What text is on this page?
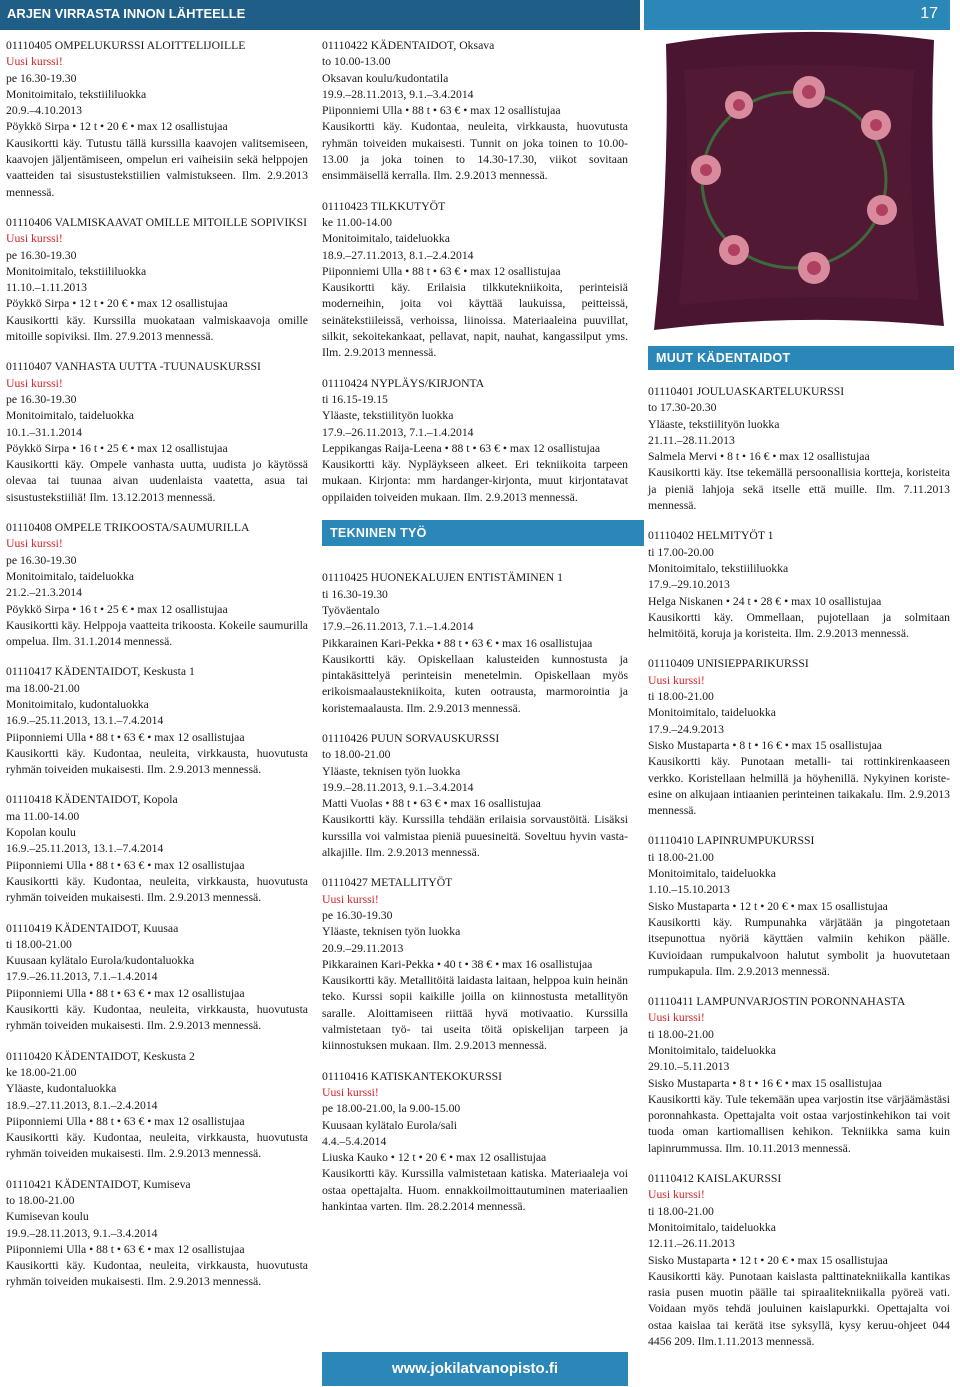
ARJEN VIRRASTA INNON LÄHTEELLE	17
01110405 OMPELUKURSSI ALOITTELIJOILLE
Uusi kurssi!
pe 16.30-19.30
Monitoimitalo, tekstiililuokka
20.9.–4.10.2013
Pöykkö Sirpa • 12 t • 20 € • max 12 osallistujaa
Kausikortti käy. Tutustu tällä kurssilla kaavojen valitsemiseen, kaavojen jäljentämiseen, ompelun eri vaiheisiin sekä helppojen vaatteiden tai sisustustekstiilien valmistukseen. Ilm. 2.9.2013 mennessä.
01110406 VALMISKAAVAT OMILLE MITOILLE SOPIVIKSI
Uusi kurssi!
pe 16.30-19.30
Monitoimitalo, tekstiililuokka
11.10.–1.11.2013
Pöykkö Sirpa • 12 t • 20 € • max 12 osallistujaa
Kausikortti käy. Kurssilla muokataan valmiskaavoja omille mitoille sopiviksi. Ilm. 27.9.2013 mennessä.
01110407 VANHASTA UUTTA -TUUNAUSKURSSI
Uusi kurssi!
pe 16.30-19.30
Monitoimitalo, taideluokka
10.1.–31.1.2014
Pöykkö Sirpa • 16 t • 25 € • max 12 osallistujaa
Kausikortti käy. Ompele vanhasta uutta, uudista jo käytössä olevaa tai tuunaa aivan uudenlaista vaatetta, asua tai sisustustekstiiliä! Ilm. 13.12.2013 mennessä.
01110408 OMPELE TRIKOOSTA/SAUMURILLA
Uusi kurssi!
pe 16.30-19.30
Monitoimitalo, taideluokka
21.2.–21.3.2014
Pöykkö Sirpa • 16 t • 25 € • max 12 osallistujaa
Kausikortti käy. Helppoja vaatteita trikoosta. Kokeile saumurilla ompelua. Ilm. 31.1.2014 mennessä.
01110417 KÄDENTAIDOT, Keskusta 1
ma 18.00-21.00
Monitoimitalo, kudontaluokka
16.9.–25.11.2013, 13.1.–7.4.2014
Piiponniemi Ulla • 88 t • 63 € • max 12 osallistujaa
Kausikortti käy. Kudontaa, neuleita, virkkausta, huovutusta ryhmän toiveiden mukaisesti. Ilm. 2.9.2013 mennessä.
01110418 KÄDENTAIDOT, Kopola
ma 11.00-14.00
Kopolan koulu
16.9.–25.11.2013, 13.1.–7.4.2014
Piiponniemi Ulla • 88 t • 63 € • max 12 osallistujaa
Kausikortti käy. Kudontaa, neuleita, virkkausta, huovutusta ryhmän toiveiden mukaisesti. Ilm. 2.9.2013 mennessä.
01110419 KÄDENTAIDOT, Kuusaa
ti 18.00-21.00
Kuusaan kylätalo Eurola/kudontaluokka
17.9.–26.11.2013, 7.1.–1.4.2014
Piiponniemi Ulla • 88 t • 63 € • max 12 osallistujaa
Kausikortti käy. Kudontaa, neuleita, virkkausta, huovutusta ryhmän toiveiden mukaisesti. Ilm. 2.9.2013 mennessä.
01110420 KÄDENTAIDOT, Keskusta 2
ke 18.00-21.00
Yläaste, kudontaluokka
18.9.–27.11.2013, 8.1.–2.4.2014
Piiponniemi Ulla • 88 t • 63 € • max 12 osallistujaa
Kausikortti käy. Kudontaa, neuleita, virkkausta, huovutusta ryhmän toiveiden mukaisesti. Ilm. 2.9.2013 mennessä.
01110421 KÄDENTAIDOT, Kumiseva
to 18.00-21.00
Kumisevan koulu
19.9.–28.11.2013, 9.1.–3.4.2014
Piiponniemi Ulla • 88 t • 63 € • max 12 osallistujaa
Kausikortti käy. Kudontaa, neuleita, virkkausta, huovutusta ryhmän toiveiden mukaisesti. Ilm. 2.9.2013 mennessä.
01110422 KÄDENTAIDOT, Oksava
to 10.00-13.00
Oksavan koulu/kudontatila
19.9.–28.11.2013, 9.1.–3.4.2014
Piiponniemi Ulla • 88 t • 63 € • max 12 osallistujaa
Kausikortti käy. Kudontaa, neuleita, virkkausta, huovutusta ryhmän toiveiden mukaisesti. Tunnit on joka toinen to 10.00-13.00 ja joka toinen to 14.30-17.30, viikot sovitaan ensimmäisellä kerralla. Ilm. 2.9.2013 mennessä.
01110423 TILKKUTYÖT
ke 11.00-14.00
Monitoimitalo, taideluokka
18.9.–27.11.2013, 8.1.–2.4.2014
Piiponniemi Ulla • 88 t • 63 € • max 12 osallistujaa
Kausikortti käy. Erilaisia tilkkutekniikoita, perinteisiä moderneihin, joita voi käyttää laukuissa, peitteissä, seinätekstiileissä, verhoissa, liinoissa. Materiaaleina puuvillat, silkit, sekoitekankaat, pellavat, napit, nauhat, kangassilput yms. Ilm. 2.9.2013 mennessä.
01110424 NYPLÄYS/KIRJONTA
ti 16.15-19.15
Yläaste, tekstiilityön luokka
17.9.–26.11.2013, 7.1.–1.4.2014
Leppikangas Raija-Leena • 88 t • 63 € • max 12 osallistujaa
Kausikortti käy. Nypläykseen alkeet. Eri tekniikoita tarpeen mukaan. Kirjonta: mm hardanger-kirjonta, muut kirjontatavat oppilaiden toiveiden mukaan. Ilm. 2.9.2013 mennessä.
TEKNINEN TYÖ
01110425 HUONEKALUJEN ENTISTÄMINEN 1
ti 16.30-19.30
Työväentalo
17.9.–26.11.2013, 7.1.–1.4.2014
Pikkarainen Kari-Pekka • 88 t • 63 € • max 16 osallistujaa
Kausikortti käy. Opiskellaan kalusteiden kunnostusta ja pintakäsittelyä perinteisin menetelmin. Opiskellaan myös erikoismaalaustekniikoita, kuten ootrausta, marmorointia ja koristemaalausta. Ilm. 2.9.2013 mennessä.
01110426 PUUN SORVAUSKURSSI
to 18.00-21.00
Yläaste, teknisen työn luokka
19.9.–28.11.2013, 9.1.–3.4.2014
Matti Vuolas • 88 t • 63 € • max 16 osallistujaa
Kausikortti käy. Kurssilla tehdään erilaisia sorvaustöitä. Lisäksi kurssilla voi valmistaa pieniä puuesineitä. Soveltuu hyvin vasta-alkajille. Ilm. 2.9.2013 mennessä.
01110427 METALLITYÖT
Uusi kurssi!
pe 16.30-19.30
Yläaste, teknisen työn luokka
20.9.–29.11.2013
Pikkarainen Kari-Pekka • 40 t • 38 € • max 16 osallistujaa
Kausikortti käy. Metallitöitä laidasta laitaan, helppoa kuin heinän teko. Kurssi sopii kaikille joilla on kiinnostusta metallityön saralle. Aloittamiseen riittää hyvä motivaatio. Kurssilla valmistetaan työ- tai useita töitä opiskelijan tarpeen ja kiinnostuksen mukaan. Ilm. 2.9.2013 mennessä.
01110416 KATISKANTEKOKURSSI
Uusi kurssi!
pe 18.00-21.00, la 9.00-15.00
Kuusaan kylätalo Eurola/sali
4.4.–5.4.2014
Liuska Kauko • 12 t • 20 € • max 12 osallistujaa
Kausikortti käy. Kurssilla valmistetaan katiska. Materiaaleja voi ostaa opettajalta. Huom. ennakkoilmoittautuminen materiaalien hankintaa varten. Ilm. 28.2.2014 mennessä.
MUUT KÄDENTAIDOT
01110401 JOULUASKARTELUKURSSI
to 17.30-20.30
Yläaste, tekstiilityön luokka
21.11.–28.11.2013
Salmela Mervi • 8 t • 16 € • max 12 osallistujaa
Kausikortti käy. Itse tekemällä persoonallisia kortteja, koristeita ja pieniä lahjoja sekä itselle että muille. Ilm. 7.11.2013 mennessä.
01110402 HELMITYÖT 1
ti 17.00-20.00
Monitoimitalo, tekstiililuokka
17.9.–29.10.2013
Helga Niskanen • 24 t • 28 € • max 10 osallistujaa
Kausikortti käy. Ommellaan, pujotellaan ja solmitaan helmitöitä, koruja ja koristeita. Ilm. 2.9.2013 mennessä.
01110409 UNISIEPPARIKURSSI
Uusi kurssi!
ti 18.00-21.00
Monitoimitalo, taideluokka
17.9.–24.9.2013
Sisko Mustaparta • 8 t • 16 € • max 15 osallistujaa
Kausikortti käy. Punotaan metalli- tai rottinkirenkaaseen verkko. Koristellaan helmillä ja höyhenillä. Nykyinen koriste-esine on alkujaan intiaanien perinteinen taikakalu. Ilm. 2.9.2013 mennessä.
01110410 LAPINRUMPUKURSSI
ti 18.00-21.00
Monitoimitalo, taideluokka
1.10.–15.10.2013
Sisko Mustaparta • 12 t • 20 € • max 15 osallistujaa
Kausikortti käy. Rumpunahka värjätään ja pingotetaan itsepunottua nyöriä käyttäen valmiin kehikon päälle. Kuvioidaan rumpukalvoon halutut symbolit ja huovutetaan rumpukapula. Ilm. 2.9.2013 mennessä.
01110411 LAMPUNVARJOSTIN PORONNAHASTA
Uusi kurssi!
ti 18.00-21.00
Monitoimitalo, taideluokka
29.10.–5.11.2013
Sisko Mustaparta • 8 t • 16 € • max 15 osallistujaa
Kausikortti käy. Tule tekemään upea varjostin itse värjäämästäsi poronnahkasta. Opettajalta voit ostaa varjostinkehikon tai voit tuoda oman kartiomallisen kehikon. Tekniikka sama kuin lapinrummussa. Ilm. 10.11.2013 mennessä.
01110412 KAISLAKURSSI
Uusi kurssi!
ti 18.00-21.00
Monitoimitalo, taideluokka
12.11.–26.11.2013
Sisko Mustaparta • 12 t • 20 € • max 15 osallistujaa
Kausikortti käy. Punotaan kaislasta palttinatekniikalla kantikas rasia pusen muotin päälle tai spiraalitekniikalla pyöreä vati. Voidaan myös tehdä jouluinen kaislapurkki. Opettajalta voi ostaa kaislaa tai kerätä itse syksyllä, kysy keruu-ohjeet 044 4456 209. Ilm.1.11.2013 mennessä.
www.jokilatvanopisto.fi
